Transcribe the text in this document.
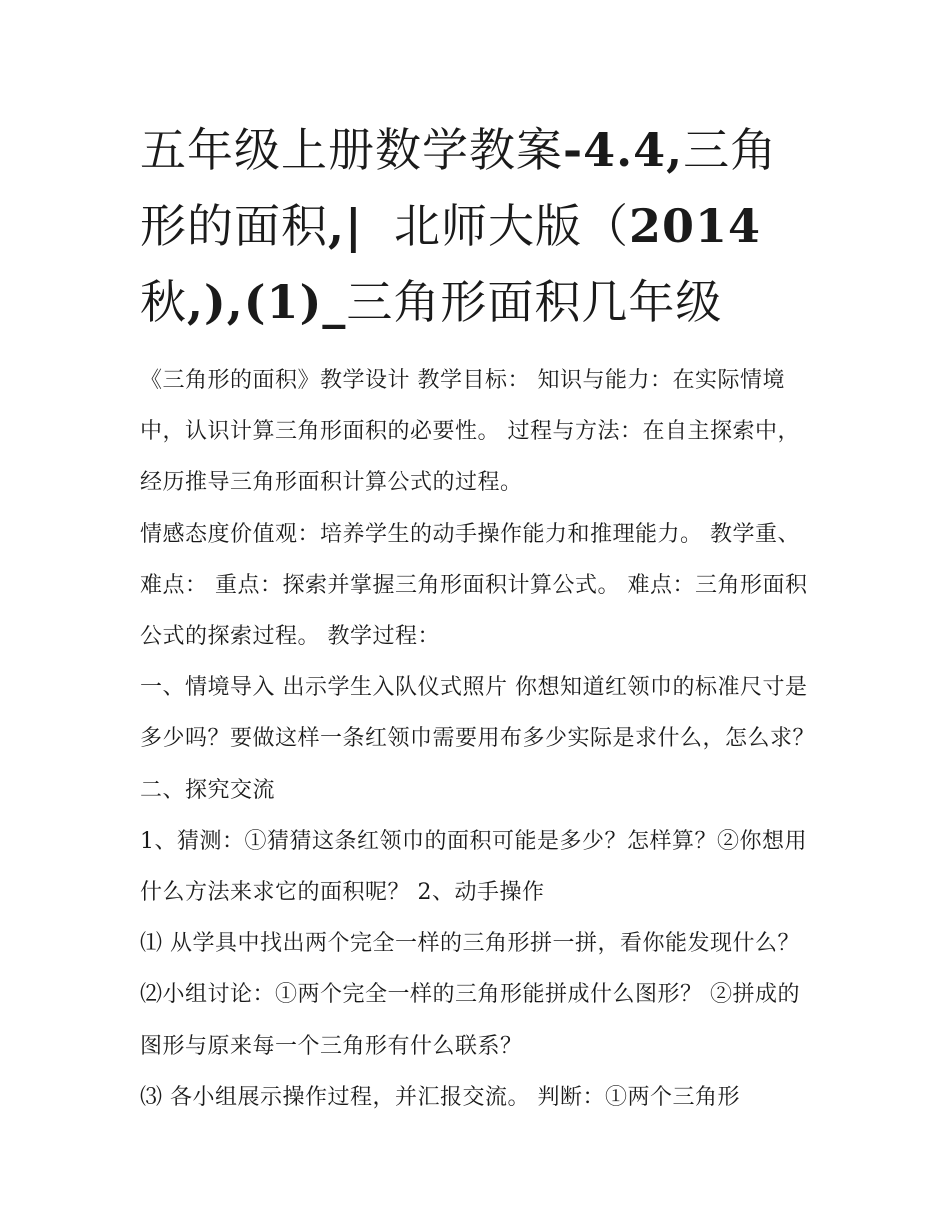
五年级上册数学教案-4.4,三角
形的面积,| 北师大版（2014
秋,),(1)_三角形面积几年级

《三角形的面积》教学设计 教学目标： 知识与能力：在实际情境中，认识计算三角形面积的必要性。 过程与方法：在自主探索中，经历推导三角形面积计算公式的过程。

情感态度价值观：培养学生的动手操作能力和推理能力。 教学重、难点： 重点：探索并掌握三角形面积计算公式。 难点：三角形面积公式的探索过程。 教学过程：

一、情境导入 出示学生入队仪式照片 你想知道红领巾的标准尺寸是多少吗？要做这样一条红领巾需要用布多少实际是求什么，怎么求？ 二、探究交流

1、猜测：①猜猜这条红领巾的面积可能是多少？怎样算？②你想用什么方法来求它的面积呢？ 2、动手操作

⑴ 从学具中找出两个完全一样的三角形拼一拼，看你能发现什么？ ⑵小组讨论：①两个完全一样的三角形能拼成什么图形？ ②拼成的图形与原来每一个三角形有什么联系？

⑶ 各小组展示操作过程，并汇报交流。 判断：①两个三角形
